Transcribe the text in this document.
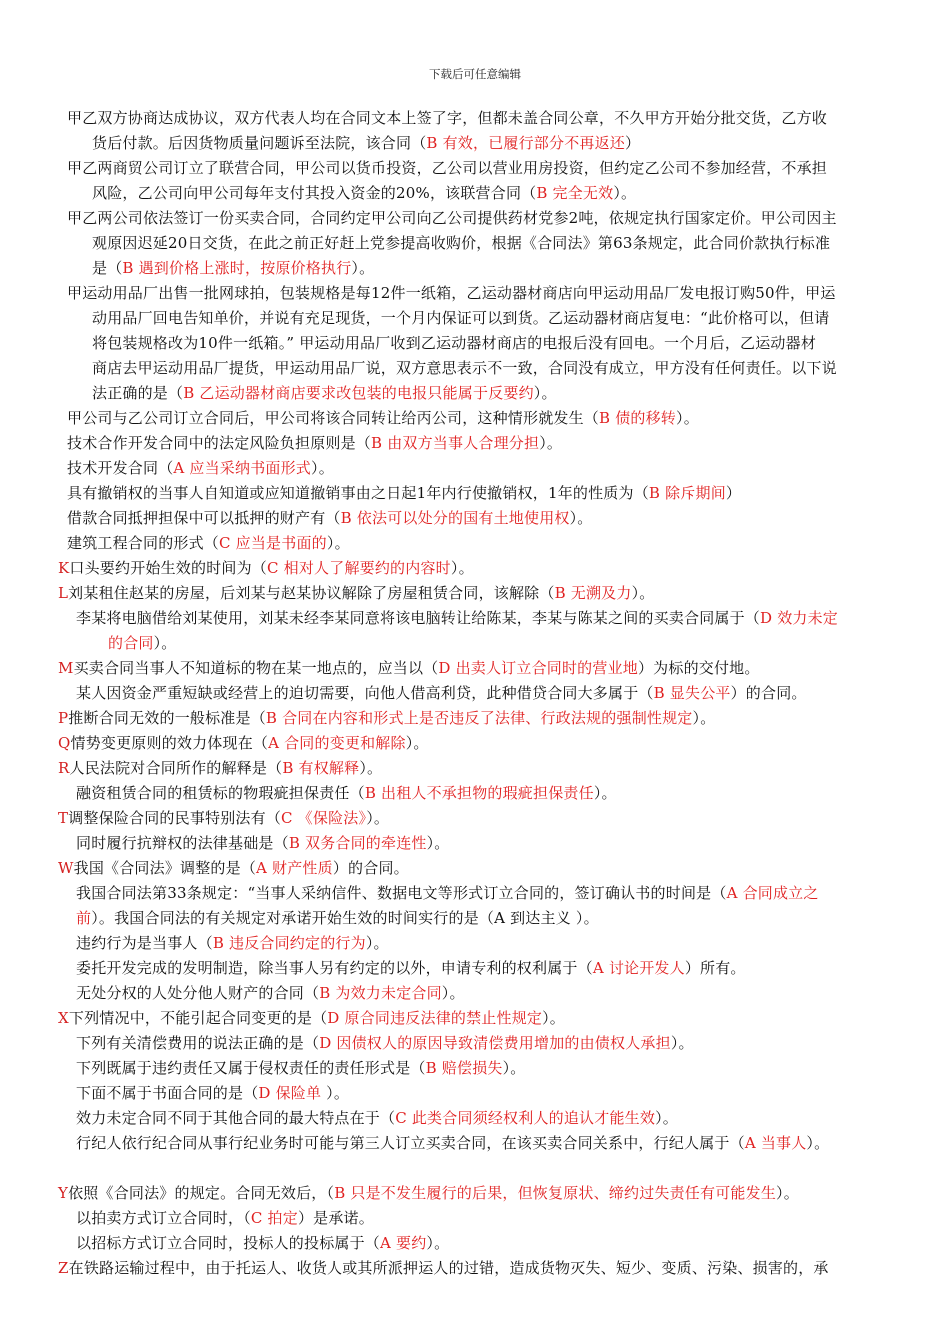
下载后可任意编辑
甲乙双方协商达成协议，双方代表人均在合同文本上签了字，但都未盖合同公章，不久甲方开始分批交货，乙方收
货后付款。后因货物质量问题诉至法院，该合同（B 有效，已履行部分不再返还）
甲乙两商贸公司订立了联营合同，甲公司以货币投资，乙公司以营业用房投资，但约定乙公司不参加经营，不承担
风险，乙公司向甲公司每年支付其投入资金的20%，该联营合同（B 完全无效）。
甲乙两公司依法签订一份买卖合同，合同约定甲公司向乙公司提供药材党参2吨，依规定执行国家定价。甲公司因主
观原因迟延20日交货，在此之前正好赶上党参提高收购价，根据《合同法》第63条规定，此合同价款执行标准
是（B 遇到价格上涨时，按原价格执行）。
甲运动用品厂出售一批网球拍，包装规格是每12件一纸箱，乙运动器材商店向甲运动用品厂发电报订购50件，甲运
动用品厂回电告知单价，并说有充足现货，一个月内保证可以到货。乙运动器材商店复电：“此价格可以，但请
将包装规格改为10件一纸箱。” 甲运动用品厂收到乙运动器材商店的电报后没有回电。一个月后，乙运动器材
商店去甲运动用品厂提货，甲运动用品厂说，双方意思表示不一致，合同没有成立，甲方没有任何责任。以下说
法正确的是（B 乙运动器材商店要求改包装的电报只能属于反要约）。
甲公司与乙公司订立合同后，甲公司将该合同转让给丙公司，这种情形就发生（B 债的移转）。
技术合作开发合同中的法定风险负担原则是（B 由双方当事人合理分担）。
技术开发合同（A 应当采纳书面形式）。
具有撤销权的当事人自知道或应知道撤销事由之日起1年内行使撤销权，1年的性质为（B 除斥期间）
借款合同抵押担保中可以抵押的财产有（B 依法可以处分的国有土地使用权）。
建筑工程合同的形式（C 应当是书面的）。
K口头要约开始生效的时间为（C 相对人了解要约的内容时）。
L刘某租住赵某的房屋，后刘某与赵某协议解除了房屋租赁合同，该解除（B 无溯及力）。
李某将电脑借给刘某使用，刘某未经李某同意将该电脑转让给陈某，李某与陈某之间的买卖合同属于（D 效力未定
的合同）。
M买卖合同当事人不知道标的物在某一地点的，应当以（D 出卖人订立合同时的营业地）为标的交付地。
某人因资金严重短缺或经营上的迫切需要，向他人借高利贷，此种借贷合同大多属于（B 显失公平）的合同。
P推断合同无效的一般标准是（B 合同在内容和形式上是否违反了法律、行政法规的强制性规定）。
Q情势变更原则的效力体现在（A 合同的变更和解除）。
R人民法院对合同所作的解释是（B 有权解释）。
融资租赁合同的租赁标的物瑕疵担保责任（B 出租人不承担物的瑕疵担保责任）。
T调整保险合同的民事特别法有（C 《保险法》）。
同时履行抗辩权的法律基础是（B 双务合同的牵连性）。
W我国《合同法》调整的是（A 财产性质）的合同。
我国合同法第33条规定：“当事人采纳信件、数据电文等形式订立合同的，签订确认书的时间是（A 合同成立之
前）。我国合同法的有关规定对承诺开始生效的时间实行的是（A 到达主义 ）。
违约行为是当事人（B 违反合同约定的行为）。
委托开发完成的发明制造，除当事人另有约定的以外，申请专利的权利属于（A 讨论开发人）所有。
无处分权的人处分他人财产的合同（B 为效力未定合同）。
X下列情况中，不能引起合同变更的是（D 原合同违反法律的禁止性规定）。
下列有关清偿费用的说法正确的是（D 因债权人的原因导致清偿费用增加的由债权人承担）。
下列既属于违约责任又属于侵权责任的责任形式是（B 赔偿损失）。
下面不属于书面合同的是（D 保险单 ）。
效力未定合同不同于其他合同的最大特点在于（C 此类合同须经权利人的追认才能生效）。
行纪人依行纪合同从事行纪业务时可能与第三人订立买卖合同，在该买卖合同关系中，行纪人属于（A 当事人）。
Y依照《合同法》的规定。合同无效后，（B 只是不发生履行的后果，但恢复原状、缔约过失责任有可能发生）。
以拍卖方式订立合同时，（C 拍定）是承诺。
以招标方式订立合同时，投标人的投标属于（A 要约）。
Z在铁路运输过程中，由于托运人、收货人或其所派押运人的过错，造成货物灭失、短少、变质、污染、损害的，承
